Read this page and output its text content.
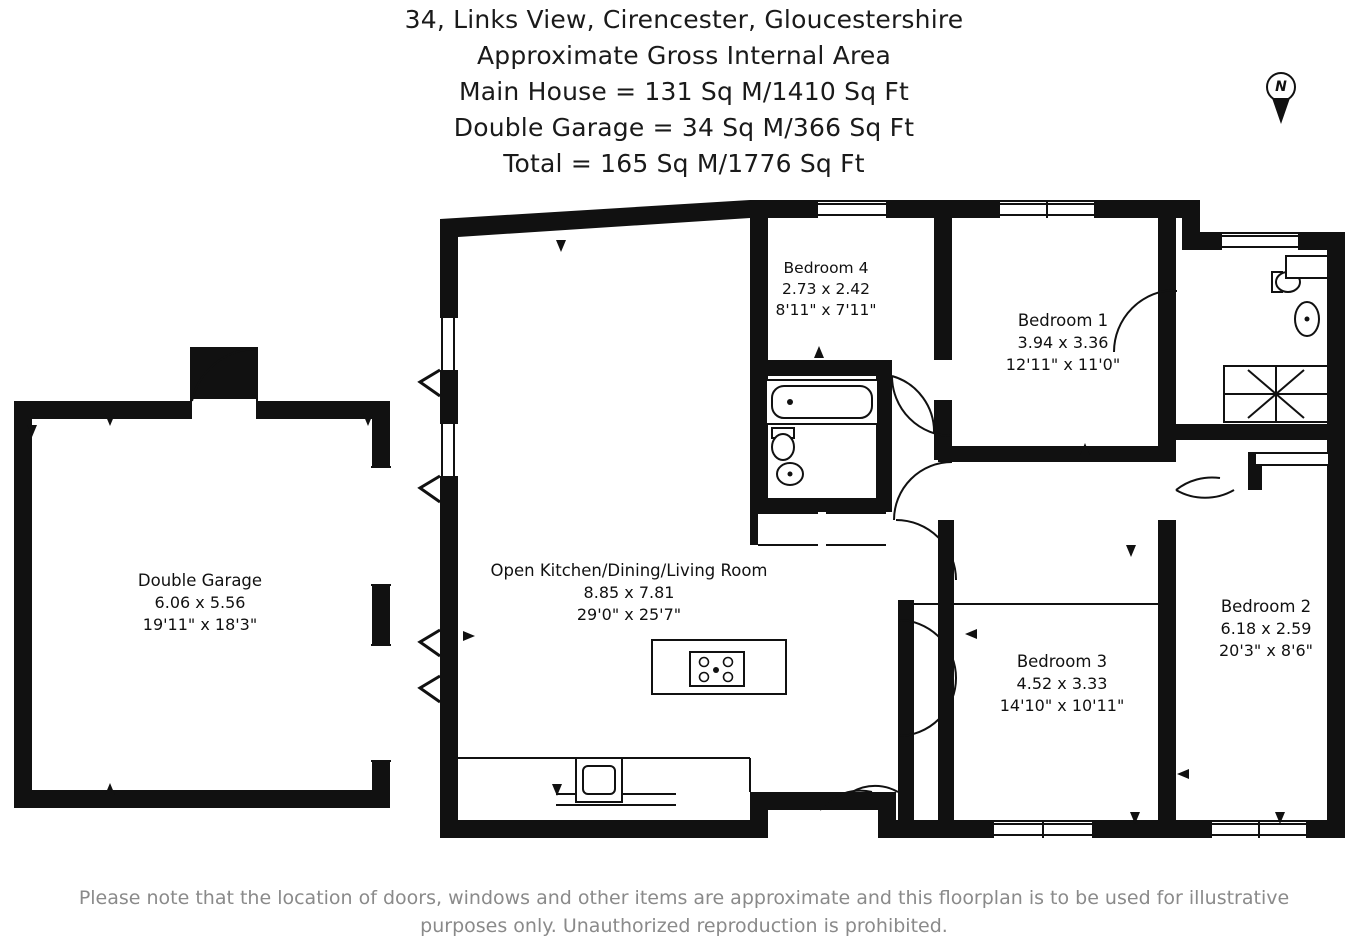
34, Links View, Cirencester, Gloucestershire
Approximate Gross Internal Area
Main House = 131 Sq M/1410 Sq Ft
Double Garage = 34 Sq M/366 Sq Ft
Total = 165 Sq M/1776 Sq Ft
N
Double Garage
6.06 x 5.56
19'11" x 18'3"
Open Kitchen/Dining/Living Room
8.85 x 7.81
29'0" x 25'7"
Bedroom 4
2.73 x 2.42
8'11" x 7'11"
Bedroom 1
3.94 x 3.36
12'11" x 11'0"
Bedroom 2
6.18 x 2.59
20'3" x 8'6"
Bedroom 3
4.52 x 3.33
14'10" x 10'11"
Please note that the location of doors, windows and other items are approximate and this floorplan is to be used for illustrative
purposes only. Unauthorized reproduction is prohibited.
